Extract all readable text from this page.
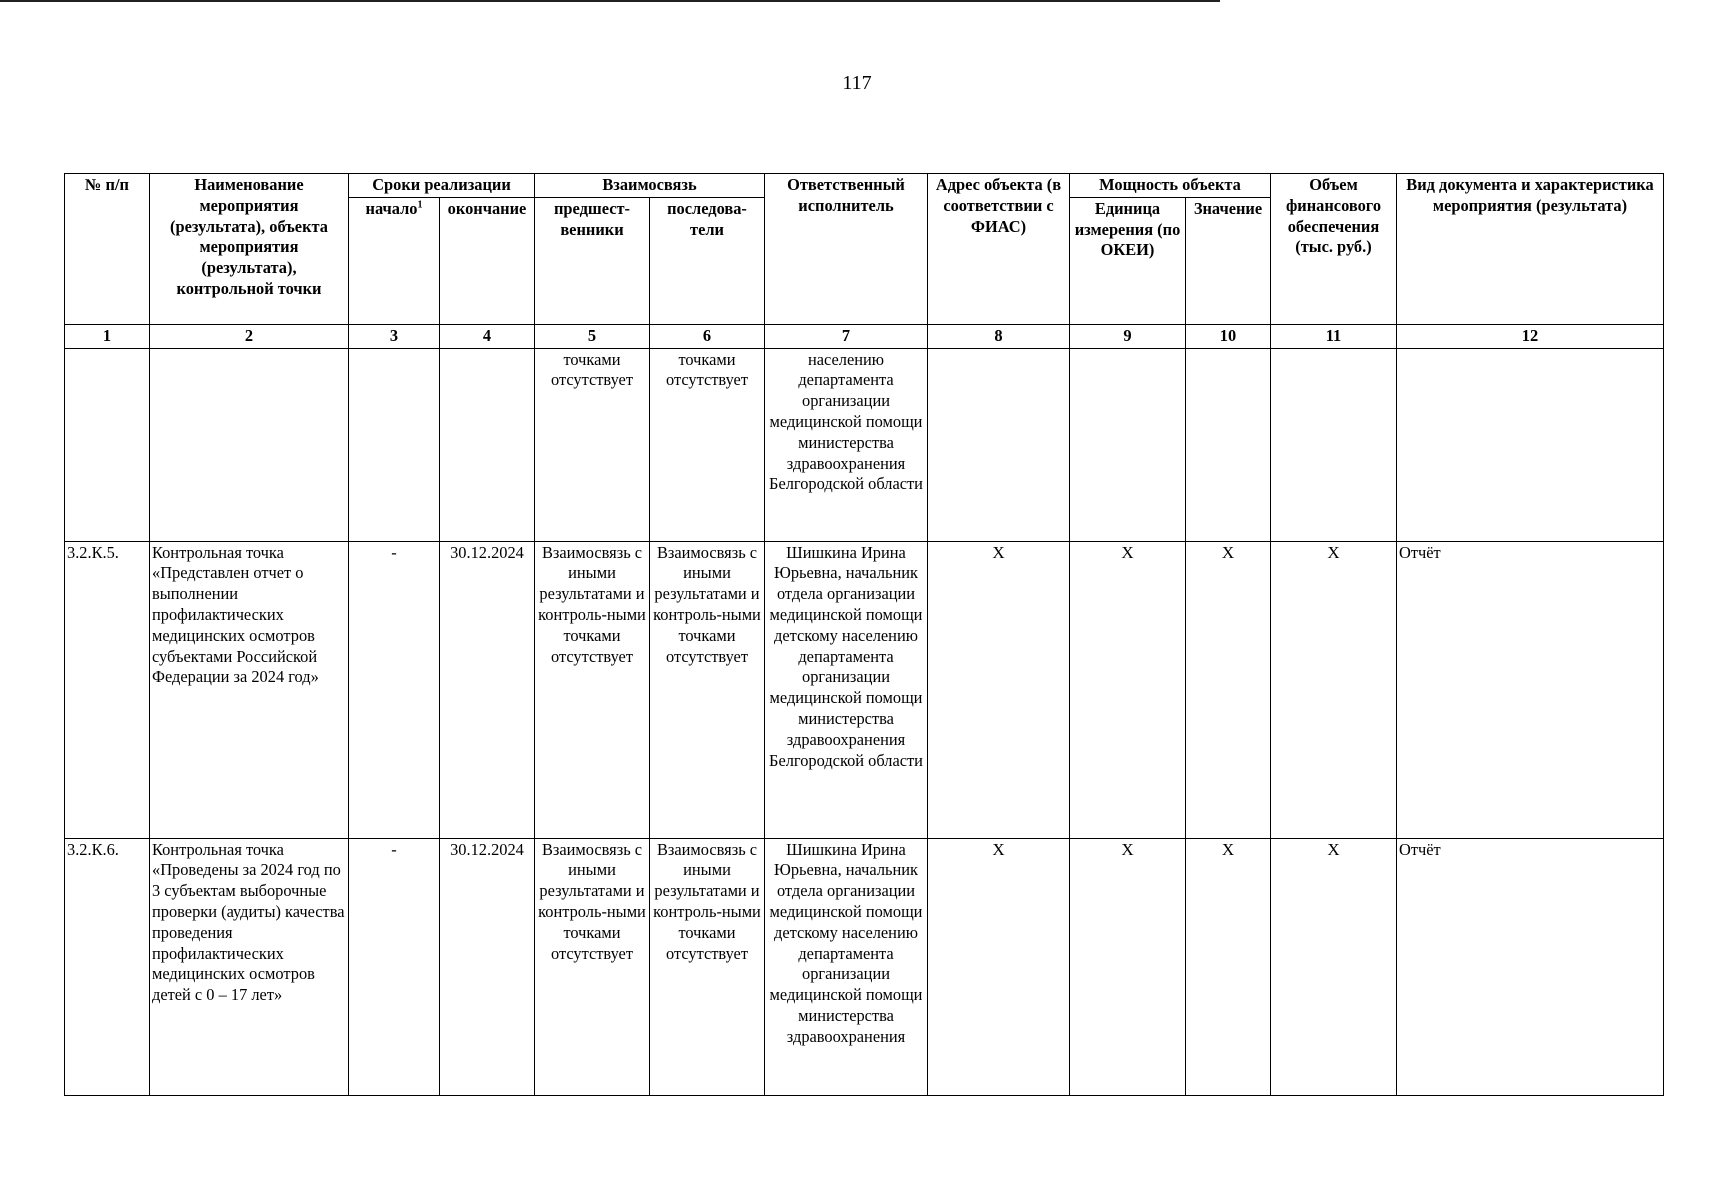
117
№ п/п	Наименование мероприятия (результата), объекта мероприятия (результата), контрольной точки	Сроки реализации		Взаимосвязь		Ответственный исполнитель	Адрес объекта (в соответствии с ФИАС)	Мощность объекта		Объем финансового обеспечения (тыс. руб.)	Вид документа и характеристика мероприятия (результата)
		начало$^1$	окончание	предшест-венники	последова-тели			Единица измерения (по ОКЕИ)	Значение		
1	2	3	4	5	6	7	8	9	10	11	12
				точками отсутствует	точками отсутствует	населению департамента организации медицинской помощи министерства здравоохранения Белгородской области					
3.2.К.5.	Контрольная точка «Представлен отчет о выполнении профилактических медицинских осмотров субъектами Российской Федерации за 2024 год»	-	30.12.2024	Взаимосвязь с иными результатами и контроль-ными точками отсутствует	Взаимосвязь с иными результатами и контроль-ными точками отсутствует	Шишкина Ирина Юрьевна, начальник отдела организации медицинской помощи детскому населению департамента организации медицинской помощи министерства здравоохранения Белгородской области	X	X	X	X	Отчёт
3.2.К.6.	Контрольная точка «Проведены за 2024 год по 3 субъектам выборочные проверки (аудиты) качества проведения профилактических медицинских осмотров детей с 0 – 17 лет»	-	30.12.2024	Взаимосвязь с иными результатами и контроль-ными точками отсутствует	Взаимосвязь с иными результатами и контроль-ными точками отсутствует	Шишкина Ирина Юрьевна, начальник отдела организации медицинской помощи детскому населению департамента организации медицинской помощи министерства здравоохранения	X	X	X	X	Отчёт
